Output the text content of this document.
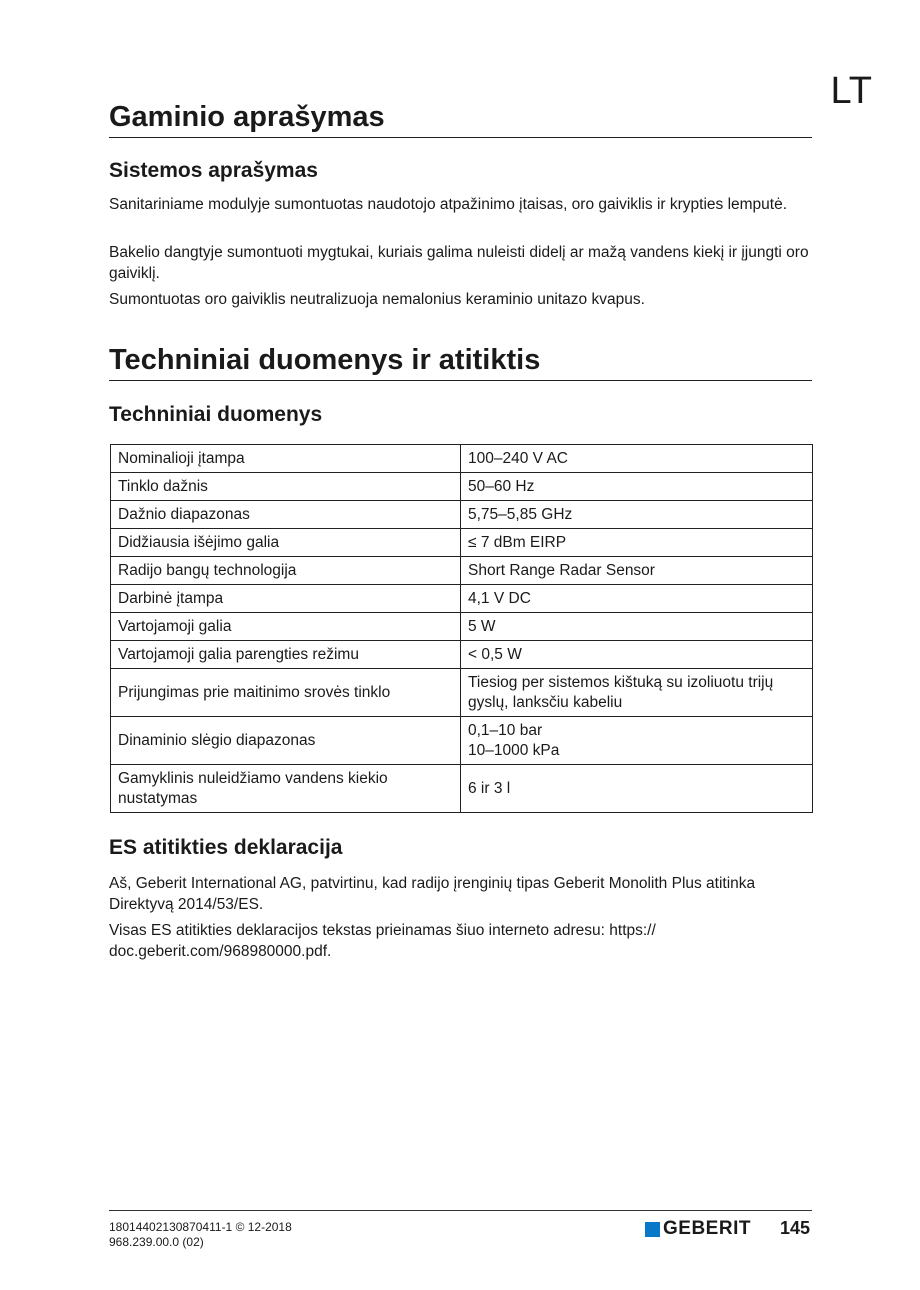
LT
Gaminio aprašymas
Sistemos aprašymas

Sanitariniame modulyje sumontuotas naudotojo atpažinimo įtaisas, oro gaiviklis ir krypties lemputė.

Bakelio dangtyje sumontuoti mygtukai, kuriais galima nuleisti didelį ar mažą vandens kiekį ir įjungti oro gaiviklį.

Sumontuotas oro gaiviklis neutralizuoja nemalonius keraminio unitazo kvapus.

Techniniai duomenys ir atitiktis
Techniniai duomenys
Nominalioji įtampa	100–240 V AC
Tinklo dažnis	50–60 Hz
Dažnio diapazonas	5,75–5,85 GHz
Didžiausia išėjimo galia	≤ 7 dBm EIRP
Radijo bangų technologija	Short Range Radar Sensor
Darbinė įtampa	4,1 V DC
Vartojamoji galia	5 W
Vartojamoji galia parengties režimu	< 0,5 W
Prijungimas prie maitinimo srovės tinklo	Tiesiog per sistemos kištuką su izoliuotu trijų gyslų, lanksčiu kabeliu
Dinaminio slėgio diapazonas	0,1–10 bar
10–1000 kPa
Gamyklinis nuleidžiamo vandens kiekio nustatymas	6 ir 3 l
ES atitikties deklaracija

Aš, Geberit International AG, patvirtinu, kad radijo įrenginių tipas Geberit Monolith Plus atitinka Direktyvą 2014/53/ES.

Visas ES atitikties deklaracijos tekstas prieinamas šiuo interneto adresu: https://
doc.geberit.com/968980000.pdf.

18014402130870411-1 © 12-2018
968.239.00.0 (02)
GEBERIT 145
